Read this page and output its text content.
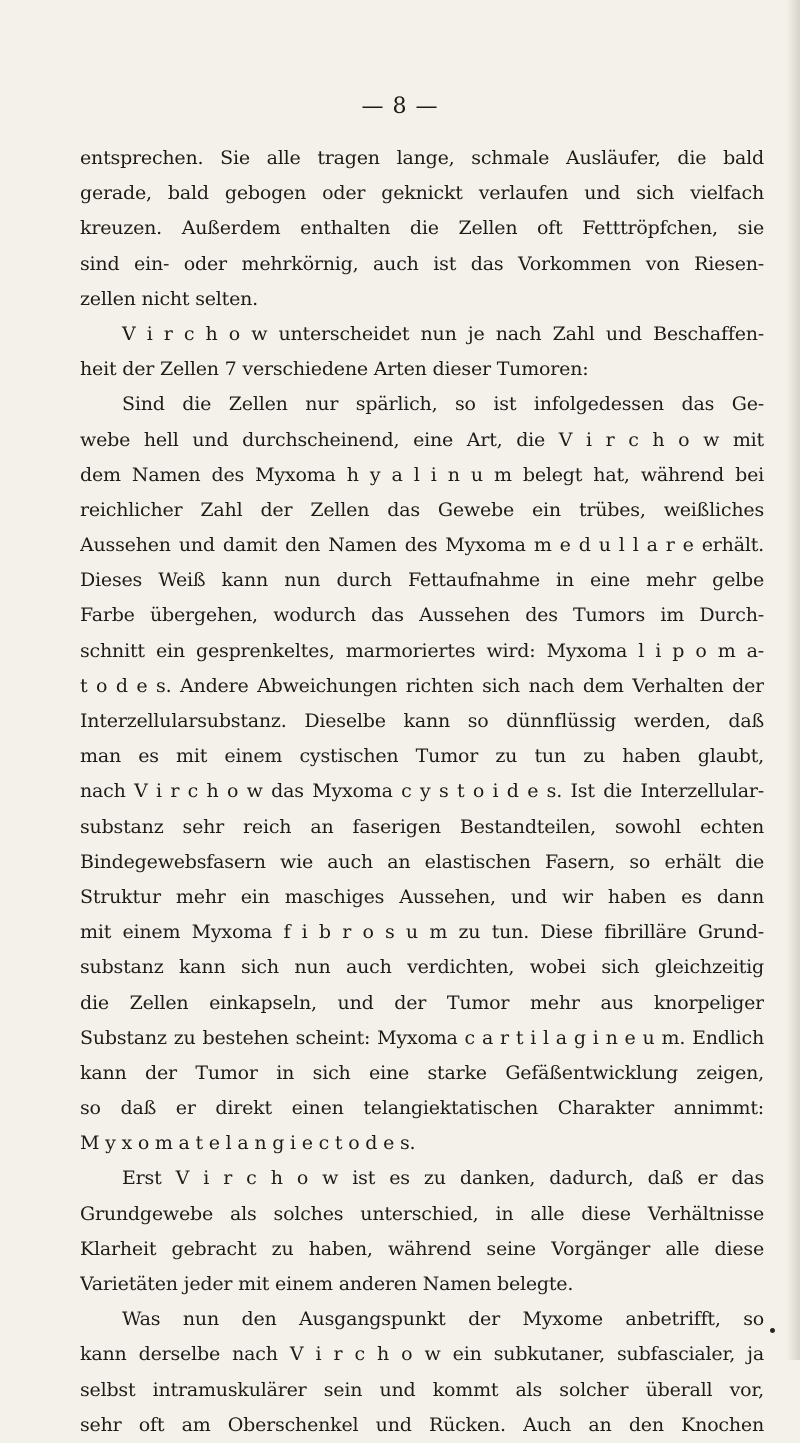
— 8 —
entsprechen. Sie alle tragen lange, schmale Ausläufer, die bald
gerade, bald gebogen oder geknickt verlaufen und sich vielfach
kreuzen. Außerdem enthalten die Zellen oft Fetttröpfchen, sie
sind ein- oder mehrkörnig, auch ist das Vorkommen von Riesen-
zellen nicht selten.
V i r c h o w unterscheidet nun je nach Zahl und Beschaffen-
heit der Zellen 7 verschiedene Arten dieser Tumoren:
Sind die Zellen nur spärlich, so ist infolgedessen das Ge-
webe hell und durchscheinend, eine Art, die V i r c h o w mit
dem Namen des Myxoma h y a l i n u m belegt hat, während bei
reichlicher Zahl der Zellen das Gewebe ein trübes, weißliches
Aussehen und damit den Namen des Myxoma m e d u l l a r e erhält.
Dieses Weiß kann nun durch Fettaufnahme in eine mehr gelbe
Farbe übergehen, wodurch das Aussehen des Tumors im Durch-
schnitt ein gesprenkeltes, marmoriertes wird: Myxoma l i p o m a-
t o d e s. Andere Abweichungen richten sich nach dem Verhalten der
Interzellularsubstanz. Dieselbe kann so dünnflüssig werden, daß
man es mit einem cystischen Tumor zu tun zu haben glaubt,
nach V i r c h o w das Myxoma c y s t o i d e s. Ist die Interzellular-
substanz sehr reich an faserigen Bestandteilen, sowohl echten
Bindegewebsfasern wie auch an elastischen Fasern, so erhält die
Struktur mehr ein maschiges Aussehen, und wir haben es dann
mit einem Myxoma f i b r o s u m zu tun. Diese fibrilläre Grund-
substanz kann sich nun auch verdichten, wobei sich gleichzeitig
die Zellen einkapseln, und der Tumor mehr aus knorpeliger
Substanz zu bestehen scheint: Myxoma c a r t i l a g i n e u m. Endlich
kann der Tumor in sich eine starke Gefäßentwicklung zeigen,
so daß er direkt einen telangiektatischen Charakter annimmt:
M y x o m a t e l a n g i e c t o d e s.
Erst V i r c h o w ist es zu danken, dadurch, daß er das
Grundgewebe als solches unterschied, in alle diese Verhältnisse
Klarheit gebracht zu haben, während seine Vorgänger alle diese
Varietäten jeder mit einem anderen Namen belegte.
Was nun den Ausgangspunkt der Myxome anbetrifft, so
kann derselbe nach V i r c h o w ein subkutaner, subfascialer, ja
selbst intramuskulärer sein und kommt als solcher überall vor,
sehr oft am Oberschenkel und Rücken. Auch an den Knochen
